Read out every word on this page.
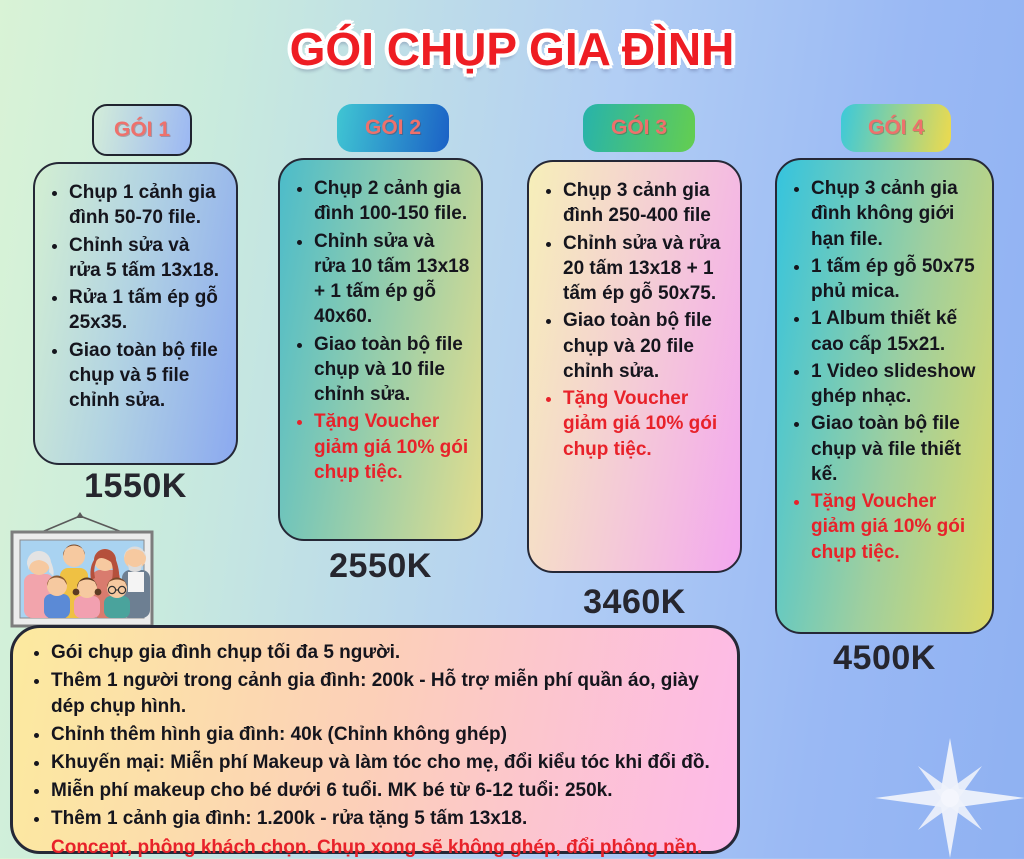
GÓI CHỤP GIA ĐÌNH
GÓI 1	GÓI 2	GÓI 3	GÓI 4
• Chụp 1 cảnh gia đình 50-70 file.
• Chỉnh sửa và rửa 5 tấm 13x18.
• Rửa 1 tấm ép gỗ 25x35.
• Giao toàn bộ file chụp và 5 file chỉnh sửa.
• Chụp 2 cảnh gia đình 100-150 file.
• Chỉnh sửa và rửa 10 tấm 13x18 + 1 tấm ép gỗ 40x60.
• Giao toàn bộ file chụp và 10 file chỉnh sửa.
• Tặng Voucher giảm giá 10% gói chụp tiệc.
• Chụp 3 cảnh gia đình 250-400 file
• Chỉnh sửa và rửa 20 tấm 13x18 + 1 tấm ép gỗ 50x75.
• Giao toàn bộ file chụp và 20 file chỉnh sửa.
• Tặng Voucher giảm giá 10% gói chụp tiệc.
• Chụp 3 cảnh gia đình không giới hạn file.
• 1 tấm ép gỗ 50x75 phủ mica.
• 1 Album thiết kế cao cấp 15x21.
• 1 Video slideshow ghép nhạc.
• Giao toàn bộ file chụp và file thiết kế.
• Tặng Voucher giảm giá 10% gói chụp tiệc.
1550K
2550K
3460K
4500K
• Gói chụp gia đình chụp tối đa 5 người.
• Thêm 1 người trong cảnh gia đình: 200k - Hỗ trợ miễn phí quần áo, giày dép chụp hình.
• Chỉnh thêm hình gia đình: 40k (Chỉnh không ghép)
• Khuyến mại: Miễn phí Makeup và làm tóc cho mẹ, đổi kiểu tóc khi đổi đồ.
• Miễn phí makeup cho bé dưới 6 tuổi. MK bé từ 6-12 tuổi: 250k.
• Thêm 1 cảnh gia đình: 1.200k - rửa tặng 5 tấm 13x18.
Concept, phông khách chọn. Chụp xong sẽ không ghép, đổi phông nền.
